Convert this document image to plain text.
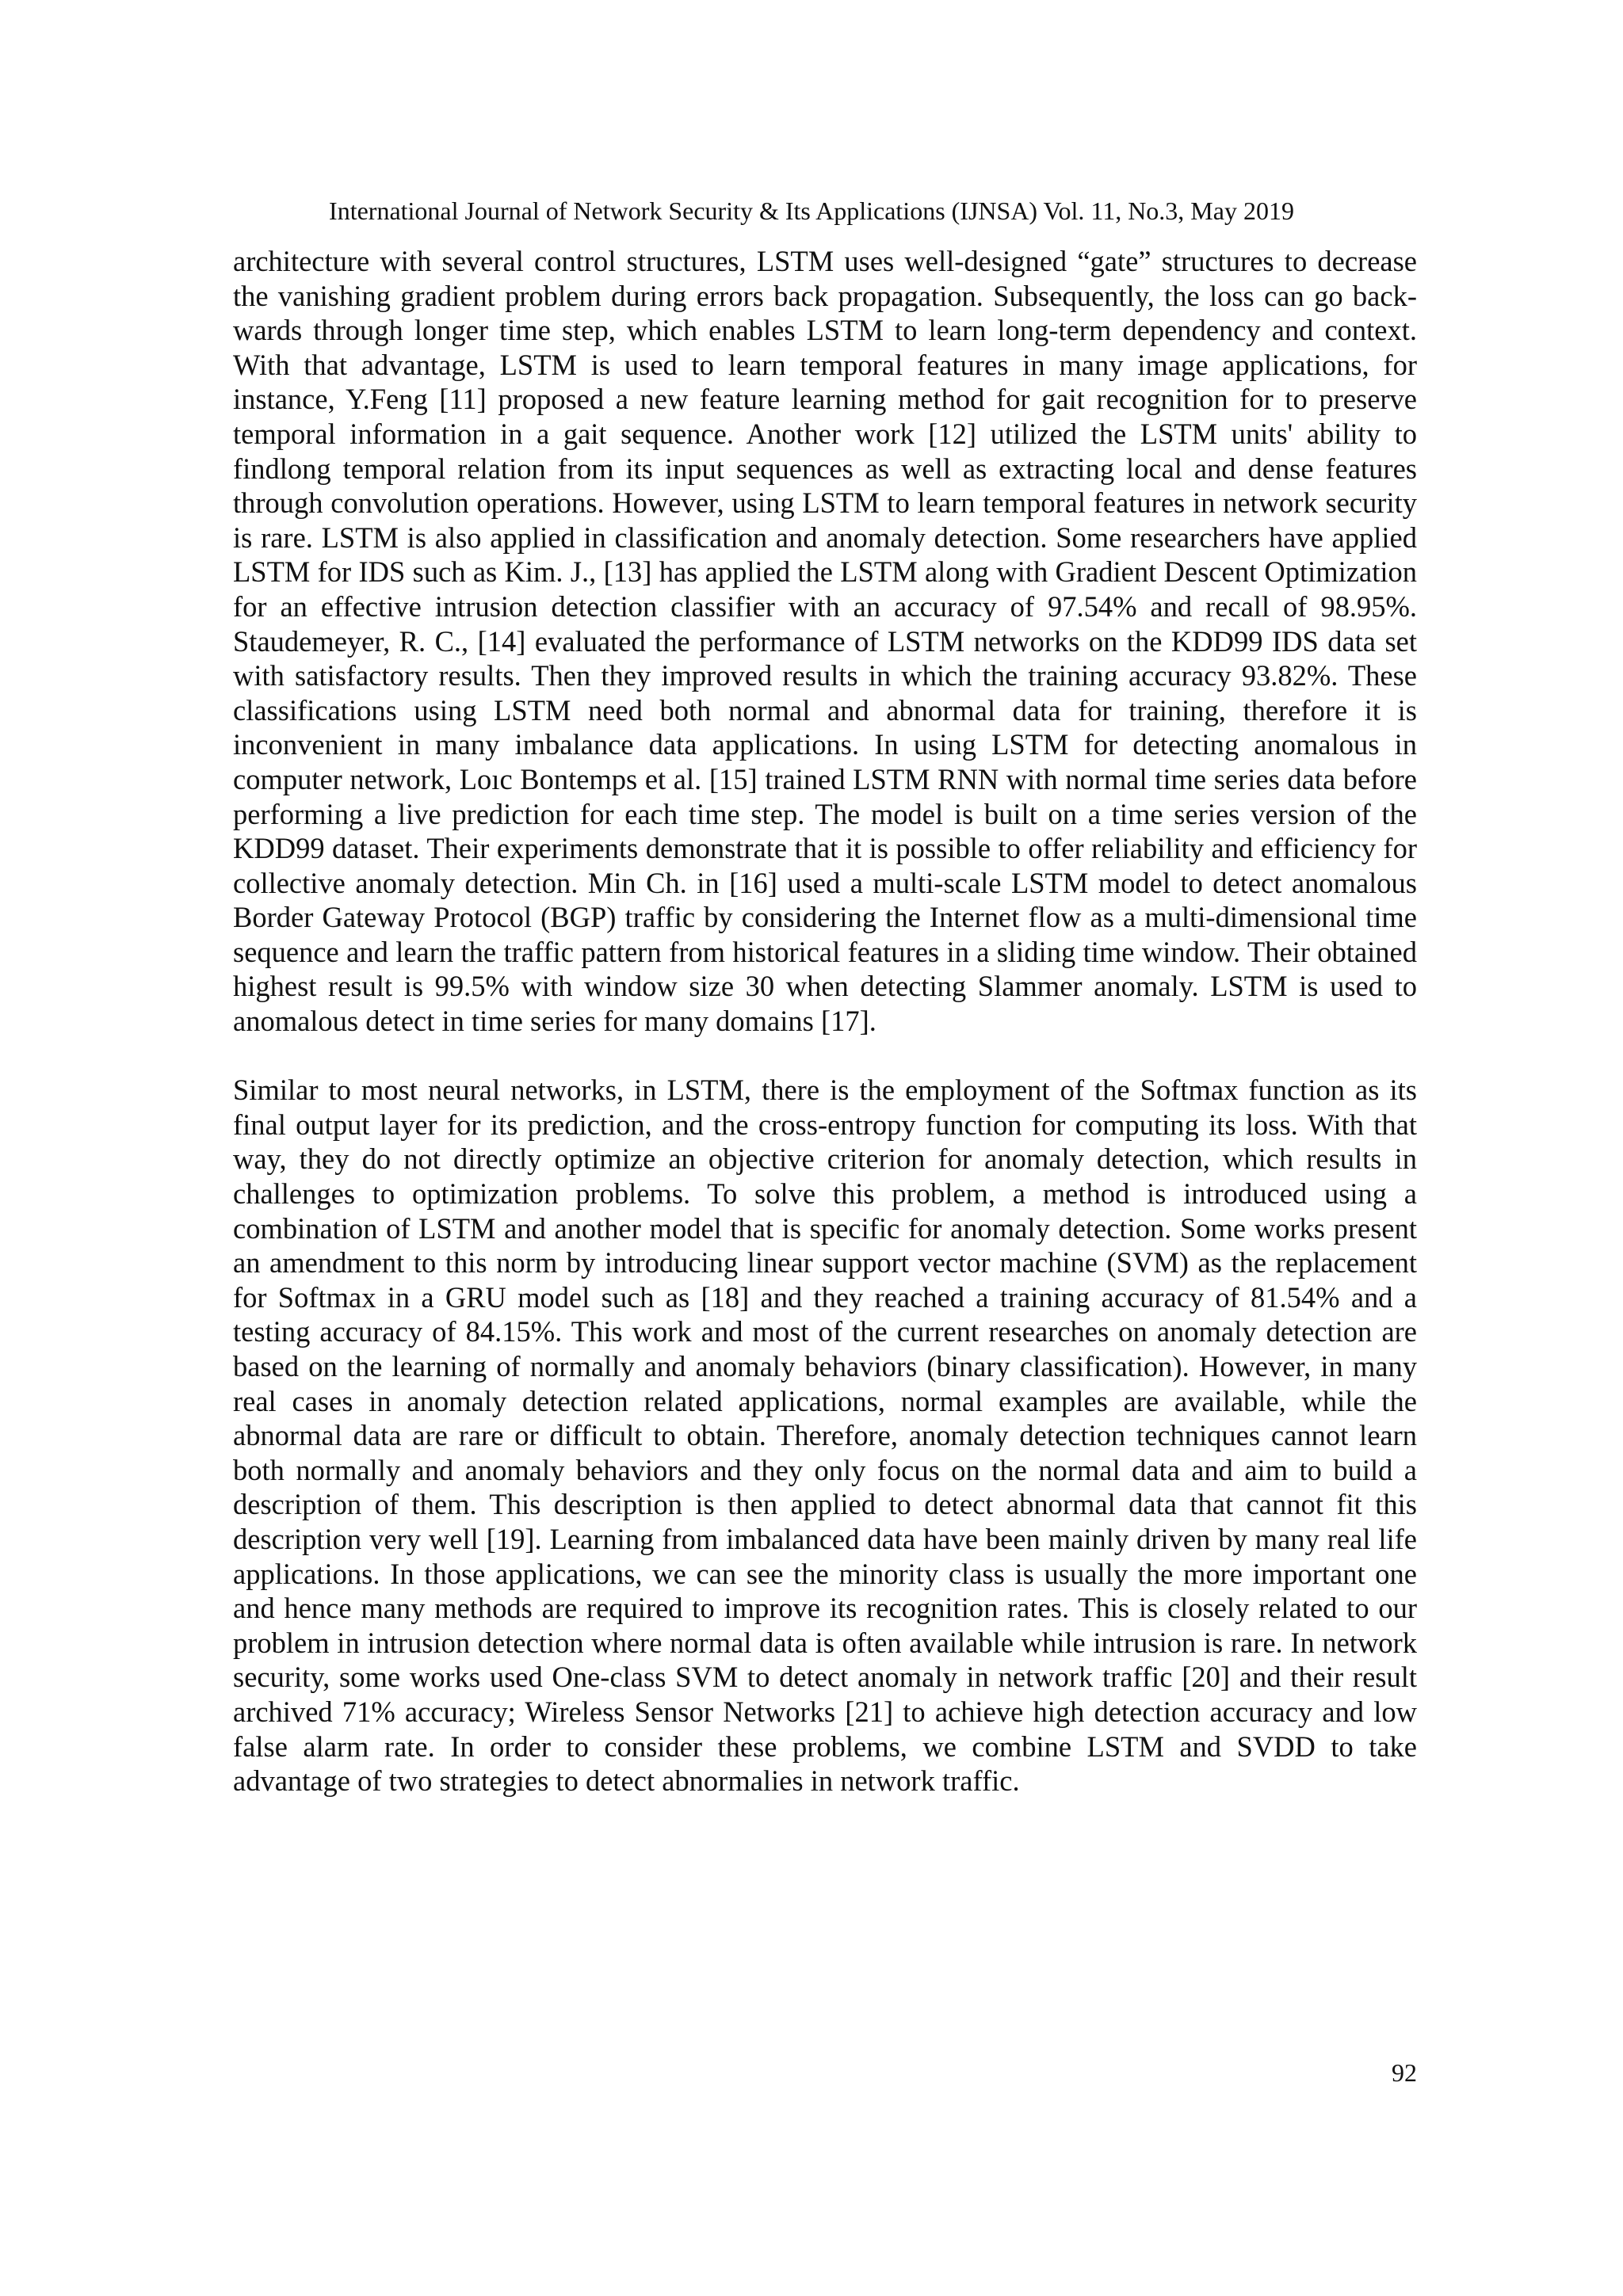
International Journal of Network Security & Its Applications (IJNSA) Vol. 11, No.3, May 2019

architecture with several control structures, LSTM uses well-designed “gate” structures to decrease the vanishing gradient problem during errors back propagation. Subsequently, the loss can go back-wards through longer time step, which enables LSTM to learn long-term dependency and context. With that advantage, LSTM is used to learn temporal features in many image applications, for instance, Y.Feng [11] proposed a new feature learning method for gait recognition for to preserve temporal information in a gait sequence. Another work [12] utilized the LSTM units' ability to findlong temporal relation from its input sequences as well as extracting local and dense features through convolution operations. However, using LSTM to learn temporal features in network security is rare. LSTM is also applied in classification and anomaly detection. Some researchers have applied LSTM for IDS such as Kim. J., [13] has applied the LSTM along with Gradient Descent Optimization for an effective intrusion detection classifier with an accuracy of 97.54% and recall of 98.95%. Staudemeyer, R. C., [14] evaluated the performance of LSTM networks on the KDD99 IDS data set with satisfactory results. Then they improved results in which the training accuracy 93.82%. These classifications using LSTM need both normal and abnormal data for training, therefore it is inconvenient in many imbalance data applications. In using LSTM for detecting anomalous in computer network, Loıc Bontemps et al. [15] trained LSTM RNN with normal time series data before performing a live prediction for each time step. The model is built on a time series version of the KDD99 dataset. Their experiments demonstrate that it is possible to offer reliability and efficiency for collective anomaly detection. Min Ch. in [16] used a multi-scale LSTM model to detect anomalous Border Gateway Protocol (BGP) traffic by considering the Internet flow as a multi-dimensional time sequence and learn the traffic pattern from historical features in a sliding time window. Their obtained highest result is 99.5% with window size 30 when detecting Slammer anomaly. LSTM is used to anomalous detect in time series for many domains [17].

Similar to most neural networks, in LSTM, there is the employment of the Softmax function as its final output layer for its prediction, and the cross-entropy function for computing its loss. With that way, they do not directly optimize an objective criterion for anomaly detection, which results in challenges to optimization problems. To solve this problem, a method is introduced using a combination of LSTM and another model that is specific for anomaly detection. Some works present an amendment to this norm by introducing linear support vector machine (SVM) as the replacement for Softmax in a GRU model such as [18] and they reached a training accuracy of 81.54% and a testing accuracy of 84.15%. This work and most of the current researches on anomaly detection are based on the learning of normally and anomaly behaviors (binary classification). However, in many real cases in anomaly detection related applications, normal examples are available, while the abnormal data are rare or difficult to obtain. Therefore, anomaly detection techniques cannot learn both normally and anomaly behaviors and they only focus on the normal data and aim to build a description of them. This description is then applied to detect abnormal data that cannot fit this description very well [19]. Learning from imbalanced data have been mainly driven by many real life applications. In those applications, we can see the minority class is usually the more important one and hence many methods are required to improve its recognition rates. This is closely related to our problem in intrusion detection where normal data is often available while intrusion is rare. In network security, some works used One-class SVM to detect anomaly in network traffic [20] and their result archived 71% accuracy; Wireless Sensor Networks [21] to achieve high detection accuracy and low false alarm rate. In order to consider these problems, we combine LSTM and SVDD to take advantage of two strategies to detect abnormalies in network traffic.

92
